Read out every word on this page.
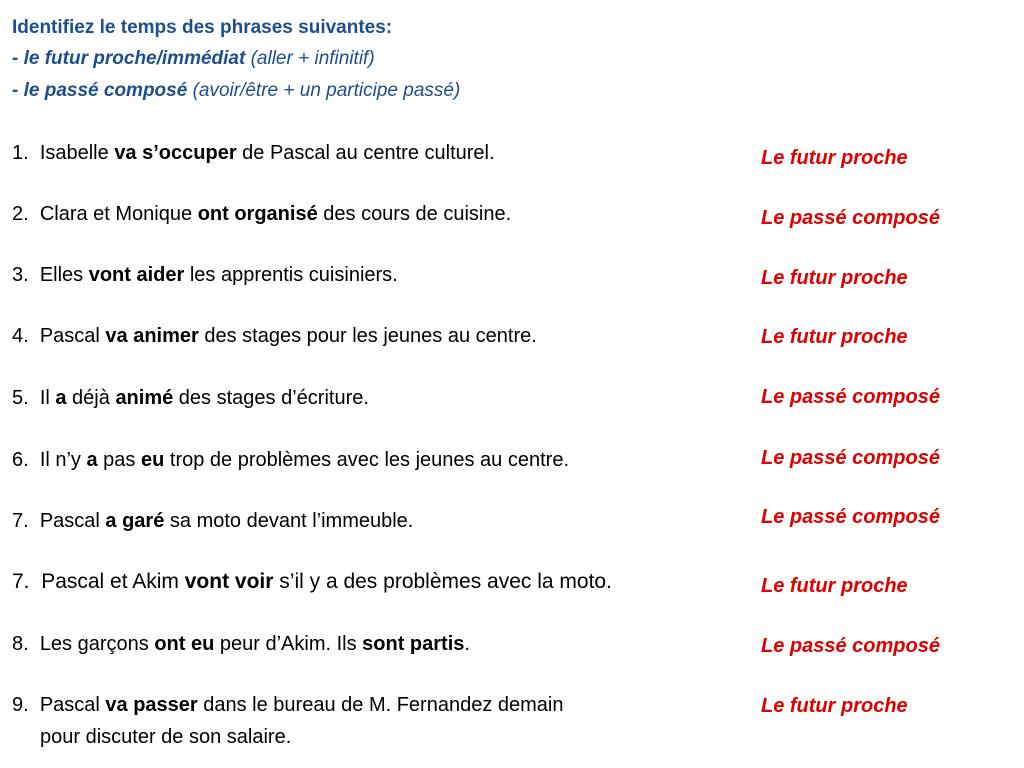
Identifiez le temps des phrases suivantes:
- le futur proche/immédiat (aller + infinitif)
- le passé composé (avoir/être + un participe passé)
1. Isabelle va s’occuper de Pascal au centre culturel.
2. Clara et Monique ont organisé des cours de cuisine.
3. Elles vont aider les apprentis cuisiniers.
4. Pascal va animer des stages pour les jeunes au centre.
5. Il a déjà animé des stages d’écriture.
6. Il n’y a pas eu trop de problèmes avec les jeunes au centre.
7. Pascal a garé sa moto devant l’immeuble.
7. Pascal et Akim vont voir s’il y a des problèmes avec la moto.
8. Les garçons ont eu peur d’Akim. Ils sont partis.
9. Pascal va passer dans le bureau de M. Fernandez demain
pour discuter de son salaire.
Le futur proche
Le passé composé
Le futur proche
Le futur proche
Le passé composé
Le passé composé
Le passé composé
Le futur proche
Le passé composé
Le futur proche
